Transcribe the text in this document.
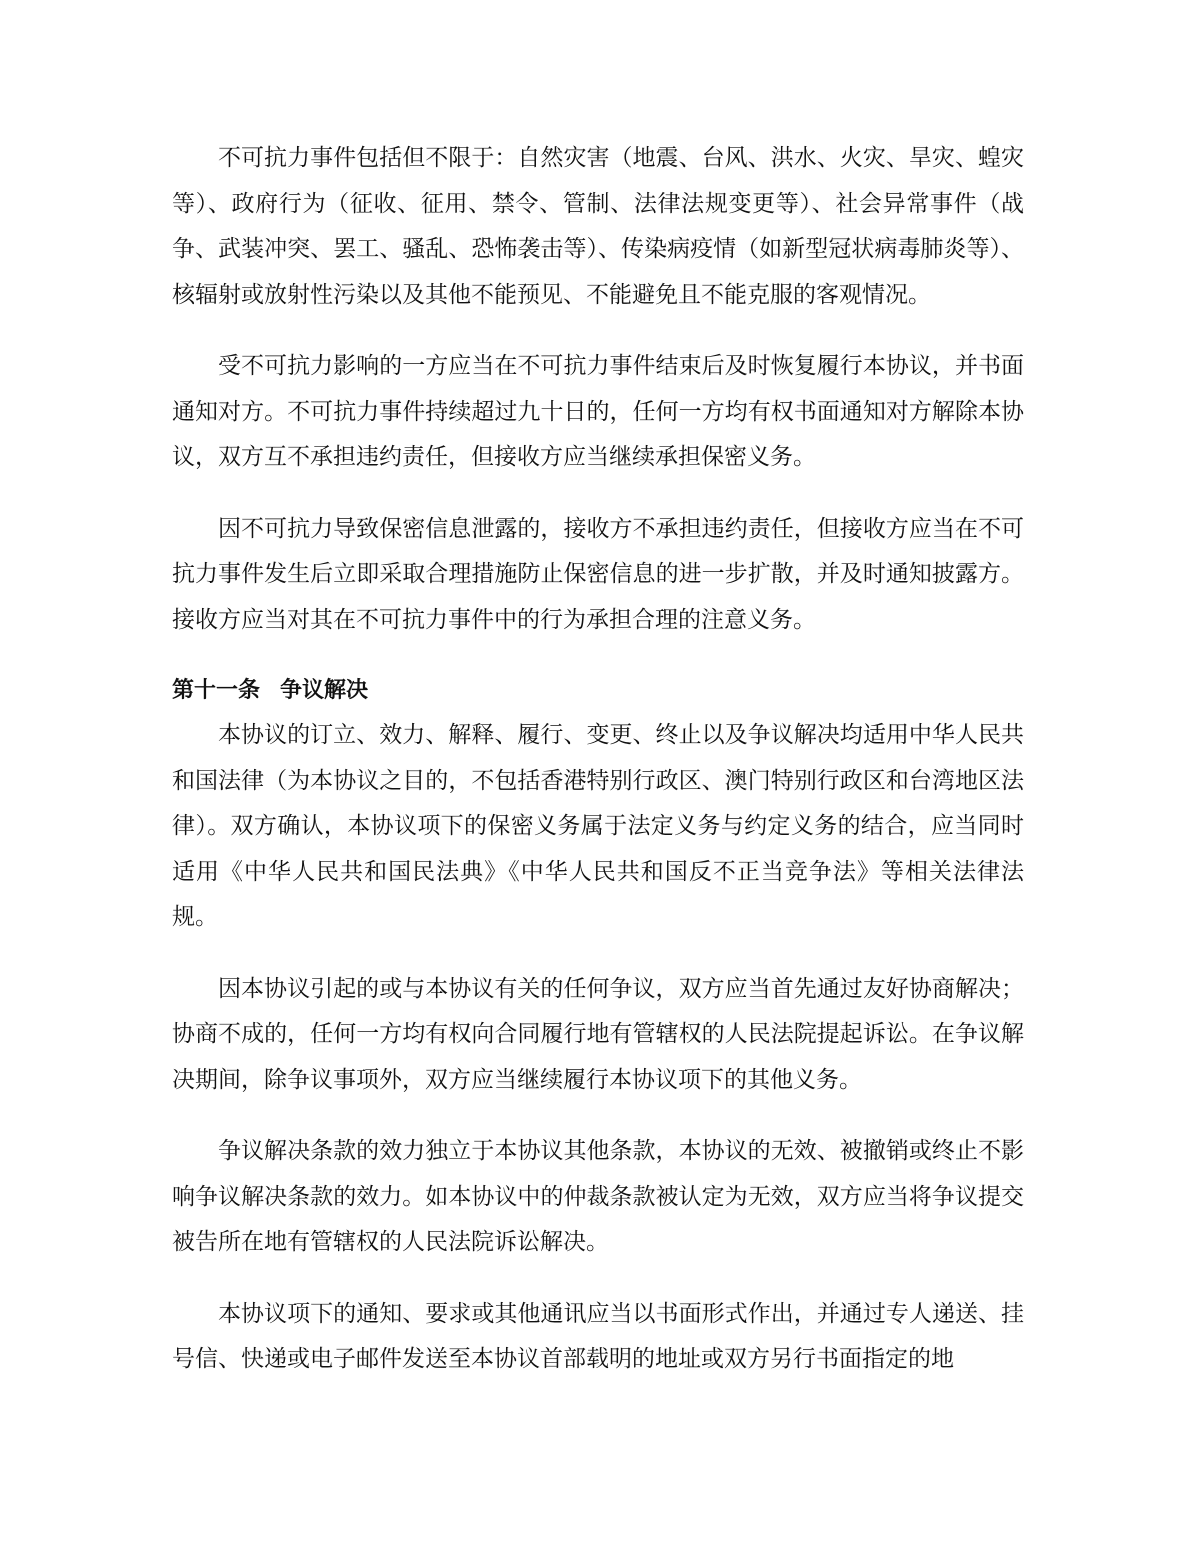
不可抗力事件包括但不限于：自然灾害（地震、台风、洪水、火灾、旱灾、蝗灾等）、政府行为（征收、征用、禁令、管制、法律法规变更等）、社会异常事件（战争、武装冲突、罢工、骚乱、恐怖袭击等）、传染病疫情（如新型冠状病毒肺炎等）、核辐射或放射性污染以及其他不能预见、不能避免且不能克服的客观情况。

受不可抗力影响的一方应当在不可抗力事件结束后及时恢复履行本协议，并书面通知对方。不可抗力事件持续超过九十日的，任何一方均有权书面通知对方解除本协议，双方互不承担违约责任，但接收方应当继续承担保密义务。

因不可抗力导致保密信息泄露的，接收方不承担违约责任，但接收方应当在不可抗力事件发生后立即采取合理措施防止保密信息的进一步扩散，并及时通知披露方。接收方应当对其在不可抗力事件中的行为承担合理的注意义务。

第十一条 争议解决

本协议的订立、效力、解释、履行、变更、终止以及争议解决均适用中华人民共和国法律（为本协议之目的，不包括香港特别行政区、澳门特别行政区和台湾地区法律）。双方确认，本协议项下的保密义务属于法定义务与约定义务的结合，应当同时适用《中华人民共和国民法典》《中华人民共和国反不正当竞争法》等相关法律法规。

因本协议引起的或与本协议有关的任何争议，双方应当首先通过友好协商解决；协商不成的，任何一方均有权向合同履行地有管辖权的人民法院提起诉讼。在争议解决期间，除争议事项外，双方应当继续履行本协议项下的其他义务。

争议解决条款的效力独立于本协议其他条款，本协议的无效、被撤销或终止不影响争议解决条款的效力。如本协议中的仲裁条款被认定为无效，双方应当将争议提交被告所在地有管辖权的人民法院诉讼解决。

本协议项下的通知、要求或其他通讯应当以书面形式作出，并通过专人递送、挂号信、快递或电子邮件发送至本协议首部载明的地址或双方另行书面指定的地
